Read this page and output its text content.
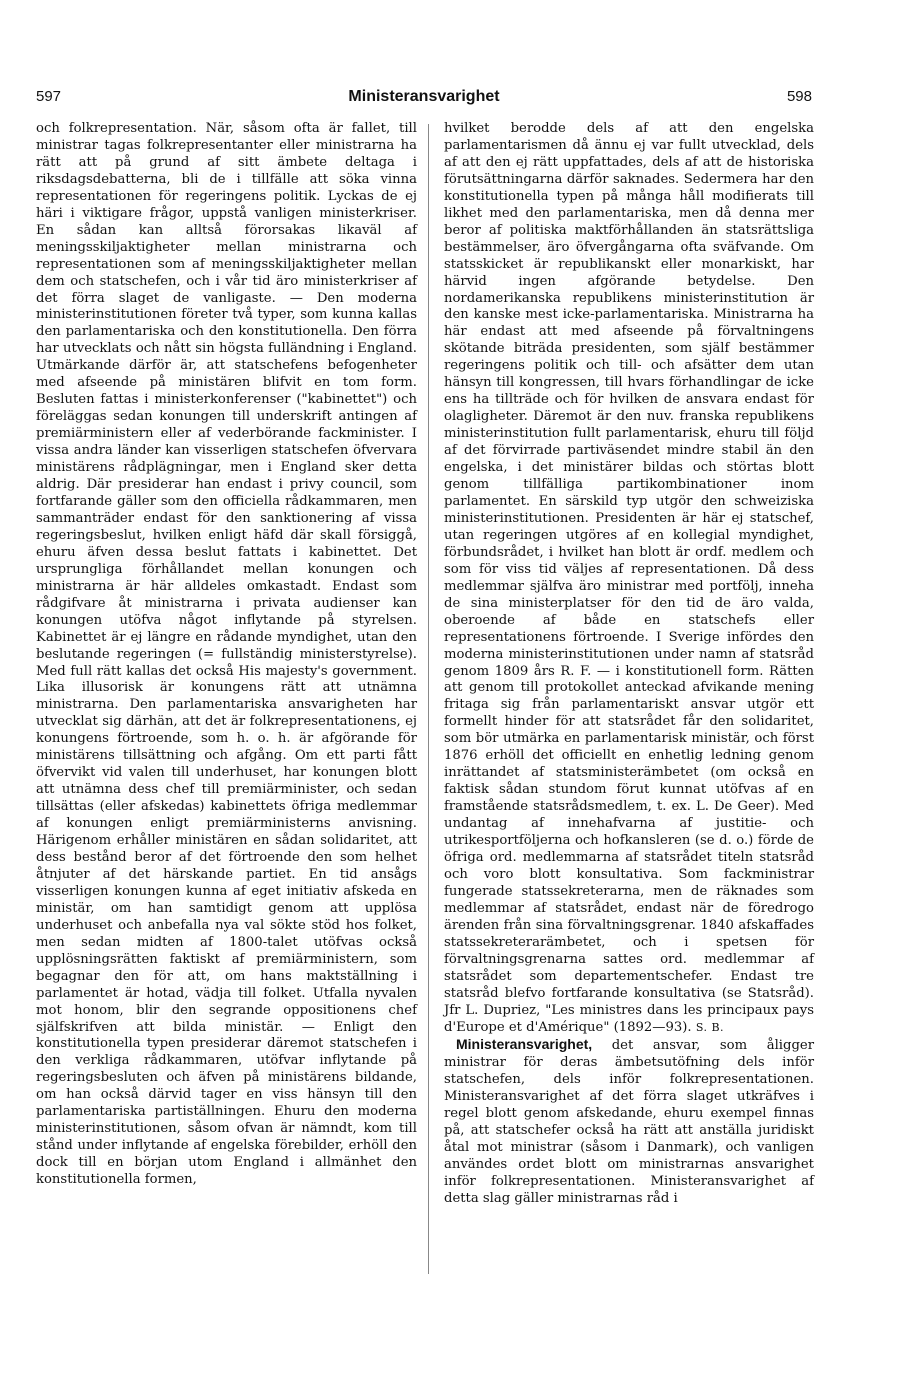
597	Ministeransvarighet	598

och folkrepresentation. När, såsom ofta är fallet, till ministrar tagas folkrepresentanter eller ministrarna ha rätt att på grund af sitt ämbete deltaga i riksdagsdebatterna, bli de i tillfälle att söka vinna representationen för regeringens politik. Lyckas de ej häri i viktigare frågor, uppstå vanligen ministerkriser. En sådan kan alltså förorsakas likaväl af meningsskiljaktigheter mellan ministrarna och representationen som af meningsskiljaktigheter mellan dem och statschefen, och i vår tid äro ministerkriser af det förra slaget de vanligaste. — Den moderna ministerinstitutionen företer två typer, som kunna kallas den parlamentariska och den konstitutionella. Den förra har utvecklats och nått sin högsta fulländning i England. Utmärkande därför är, att statschefens befogenheter med afseende på ministären blifvit en tom form. Besluten fattas i ministerkonferenser ("kabinettet") och föreläggas sedan konungen till underskrift antingen af premiärministern eller af vederbörande fackminister. I vissa andra länder kan visserligen statschefen öfvervara ministärens rådplägningar, men i England sker detta aldrig. Där presiderar han endast i privy council, som fortfarande gäller som den officiella rådkammaren, men sammanträder endast för den sanktionering af vissa regeringsbeslut, hvilken enligt häfd där skall försiggå, ehuru äfven dessa beslut fattats i kabinettet. Det ursprungliga förhållandet mellan konungen och ministrarna är här alldeles omkastadt. Endast som rådgifvare åt ministrarna i privata audienser kan konungen utöfva något inflytande på styrelsen. Kabinettet är ej längre en rådande myndighet, utan den beslutande regeringen (= fullständig ministerstyrelse). Med full rätt kallas det också His majesty's government. Lika illusorisk är konungens rätt att utnämna ministrarna. Den parlamentariska ansvarigheten har utvecklat sig därhän, att det är folkrepresentationens, ej konungens förtroende, som h. o. h. är afgörande för ministärens tillsättning och afgång. Om ett parti fått öfvervikt vid valen till underhuset, har konungen blott att utnämna dess chef till premiärminister, och sedan tillsättas (eller afskedas) kabinettets öfriga medlemmar af konungen enligt premiärministerns anvisning. Härigenom erhåller ministären en sådan solidaritet, att dess bestånd beror af det förtroende den som helhet åtnjuter af det härskande partiet. En tid ansågs visserligen konungen kunna af eget initiativ afskeda en ministär, om han samtidigt genom att upplösa underhuset och anbefalla nya val sökte stöd hos folket, men sedan midten af 1800-talet utöfvas också upplösningsrätten faktiskt af premiärministern, som begagnar den för att, om hans maktställning i parlamentet är hotad, vädja till folket. Utfalla nyvalen mot honom, blir den segrande oppositionens chef själfskrifven att bilda ministär. — Enligt den konstitutionella typen presiderar däremot statschefen i den verkliga rådkammaren, utöfvar inflytande på regeringsbesluten och äfven på ministärens bildande, om han också därvid tager en viss hänsyn till den parlamentariska partiställningen. Ehuru den moderna ministerinstitutionen, såsom ofvan är nämndt, kom till stånd under inflytande af engelska förebilder, erhöll den dock till en början utom England i allmänhet den konstitutionella formen,

hvilket berodde dels af att den engelska parlamentarismen då ännu ej var fullt utvecklad, dels af att den ej rätt uppfattades, dels af att de historiska förutsättningarna därför saknades. Sedermera har den konstitutionella typen på många håll modifierats till likhet med den parlamentariska, men då denna mer beror af politiska maktförhållanden än statsrättsliga bestämmelser, äro öfvergångarna ofta sväfvande. Om statsskicket är republikanskt eller monarkiskt, har härvid ingen afgörande betydelse. Den nordamerikanska republikens ministerinstitution är den kanske mest icke-parlamentariska. Ministrarna ha här endast att med afseende på förvaltningens skötande biträda presidenten, som själf bestämmer regeringens politik och till- och afsätter dem utan hänsyn till kongressen, till hvars förhandlingar de icke ens ha tillträde och för hvilken de ansvara endast för olagligheter. Däremot är den nuv. franska republikens ministerinstitution fullt parlamentarisk, ehuru till följd af det förvirrade partiväsendet mindre stabil än den engelska, i det ministärer bildas och störtas blott genom tillfälliga partikombinationer inom parlamentet. En särskild typ utgör den schweiziska ministerinstitutionen. Presidenten är här ej statschef, utan regeringen utgöres af en kollegial myndighet, förbundsrådet, i hvilket han blott är ordf. medlem och som för viss tid väljes af representationen. Då dess medlemmar själfva äro ministrar med portfölj, inneha de sina ministerplatser för den tid de äro valda, oberoende af både en statschefs eller representationens förtroende. I Sverige infördes den moderna ministerinstitutionen under namn af statsråd genom 1809 års R. F. — i konstitutionell form. Rätten att genom till protokollet anteckad afvikande mening fritaga sig från parlamentariskt ansvar utgör ett formellt hinder för att statsrådet får den solidaritet, som bör utmärka en parlamentarisk ministär, och först 1876 erhöll det officiellt en enhetlig ledning genom inrättandet af statsministerämbetet (om också en faktisk sådan stundom förut kunnat utöfvas af en framstående statsrådsmedlem, t. ex. L. De Geer). Med undantag af innehafvarna af justitie- och utrikesportföljerna och hofkansleren (se d. o.) förde de öfriga ord. medlemmarna af statsrådet titeln statsråd och voro blott konsultativa. Som fackministrar fungerade statssekreterarna, men de räknades som medlemmar af statsrådet, endast när de föredrogo ärenden från sina förvaltningsgrenar. 1840 afskaffades statssekreterarämbetet, och i spetsen för förvaltningsgrenarna sattes ord. medlemmar af statsrådet som departementschefer. Endast tre statsråd blefvo fortfarande konsultativa (se Statsråd). Jfr L. Dupriez, "Les ministres dans les principaux pays d'Europe et d'Amérique" (1892—93). S. B.

Ministeransvarighet, det ansvar, som åligger ministrar för deras ämbetsutöfning dels inför statschefen, dels inför folkrepresentationen. Ministeransvarighet af det förra slaget utkräfves i regel blott genom afskedande, ehuru exempel finnas på, att statschefer också ha rätt att anställa juridiskt åtal mot ministrar (såsom i Danmark), och vanligen användes ordet blott om ministrarnas ansvarighet inför folkrepresentationen. Ministeransvarighet af detta slag gäller ministrarnas råd i
